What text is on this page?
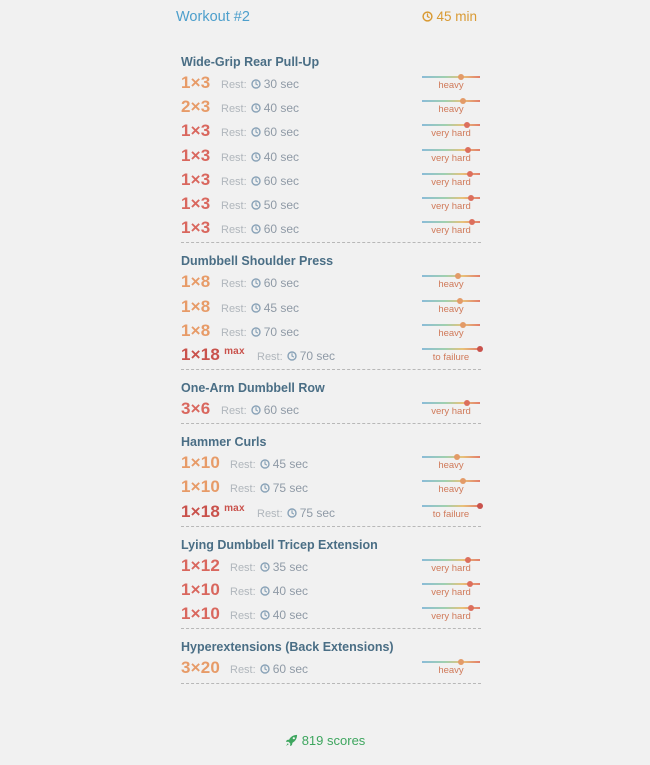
Workout #2	45 min
Wide-Grip Rear Pull-Up
1×3 Rest: 30 sec	heavy
2×3 Rest: 40 sec	heavy
1×3 Rest: 60 sec	very hard
1×3 Rest: 40 sec	very hard
1×3 Rest: 60 sec	very hard
1×3 Rest: 50 sec	very hard
1×3 Rest: 60 sec	very hard
Dumbbell Shoulder Press
1×8 Rest: 60 sec	heavy
1×8 Rest: 45 sec	heavy
1×8 Rest: 70 sec	heavy
1×18 $^{max}$ Rest: 70 sec	to failure
One-Arm Dumbbell Row
3×6 Rest: 60 sec	very hard
Hammer Curls
1×10 Rest: 45 sec	heavy
1×10 Rest: 75 sec	heavy
1×18 $^{max}$ Rest: 75 sec	to failure
Lying Dumbbell Tricep Extension
1×12 Rest: 35 sec	very hard
1×10 Rest: 40 sec	very hard
1×10 Rest: 40 sec	very hard
Hyperextensions (Back Extensions)
3×20 Rest: 60 sec	heavy
819 scores
